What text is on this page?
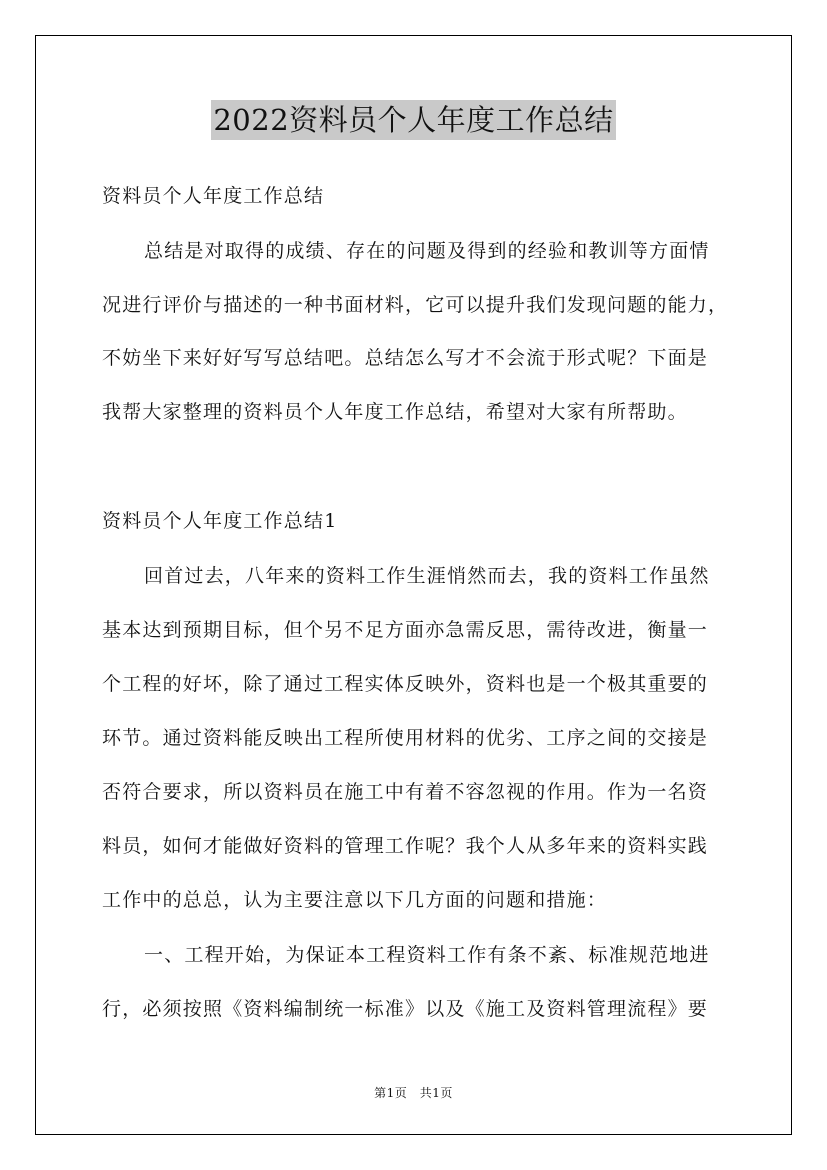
2022资料员个人年度工作总结
资料员个人年度工作总结
总结是对取得的成绩、存在的问题及得到的经验和教训等方面情
况进行评价与描述的一种书面材料，它可以提升我们发现问题的能力，
不妨坐下来好好写写总结吧。总结怎么写才不会流于形式呢？下面是
我帮大家整理的资料员个人年度工作总结，希望对大家有所帮助。
资料员个人年度工作总结1
回首过去，八年来的资料工作生涯悄然而去，我的资料工作虽然
基本达到预期目标，但个另不足方面亦急需反思，需待改进，衡量一
个工程的好坏，除了通过工程实体反映外，资料也是一个极其重要的
环节。通过资料能反映出工程所使用材料的优劣、工序之间的交接是
否符合要求，所以资料员在施工中有着不容忽视的作用。作为一名资
料员，如何才能做好资料的管理工作呢？我个人从多年来的资料实践
工作中的总总，认为主要注意以下几方面的问题和措施：
一、工程开始，为保证本工程资料工作有条不紊、标准规范地进
行，必须按照《资料编制统一标准》以及《施工及资料管理流程》要
第1页　共1页
